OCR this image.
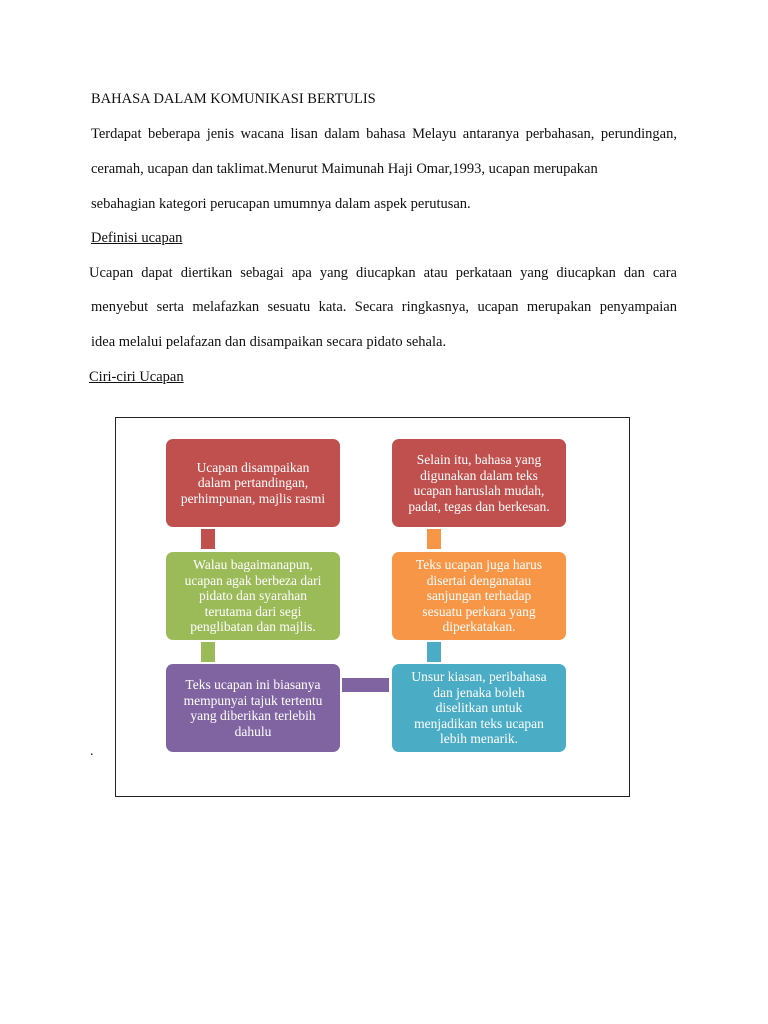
BAHASA DALAM KOMUNIKASI BERTULIS
Terdapat beberapa jenis wacana lisan dalam bahasa Melayu antaranya perbahasan, perundingan,
ceramah, ucapan dan taklimat.Menurut Maimunah Haji Omar,1993, ucapan merupakan
sebahagian kategori perucapan umumnya dalam aspek perutusan.
Definisi ucapan
Ucapan dapat diertikan sebagai apa yang diucapkan atau perkataan yang diucapkan dan cara
menyebut serta melafazkan sesuatu kata. Secara ringkasnya, ucapan merupakan penyampaian
idea melalui pelafazan dan disampaikan secara pidato sehala.
Ciri-ciri Ucapan
Ucapan disampaikan
dalam pertandingan,
perhimpunan, majlis rasmi
Walau bagaimanapun,
ucapan agak berbeza dari
pidato dan syarahan
terutama dari segi
penglibatan dan majlis.
Teks ucapan ini biasanya
mempunyai tajuk tertentu
yang diberikan terlebih
dahulu
Selain itu, bahasa yang
digunakan dalam teks
ucapan haruslah mudah,
padat, tegas dan berkesan.
Teks ucapan juga harus
disertai denganatau
sanjungan terhadap
sesuatu perkara yang
diperkatakan.
Unsur kiasan, peribahasa
dan jenaka boleh
diselitkan untuk
menjadikan teks ucapan
lebih menarik.
.
